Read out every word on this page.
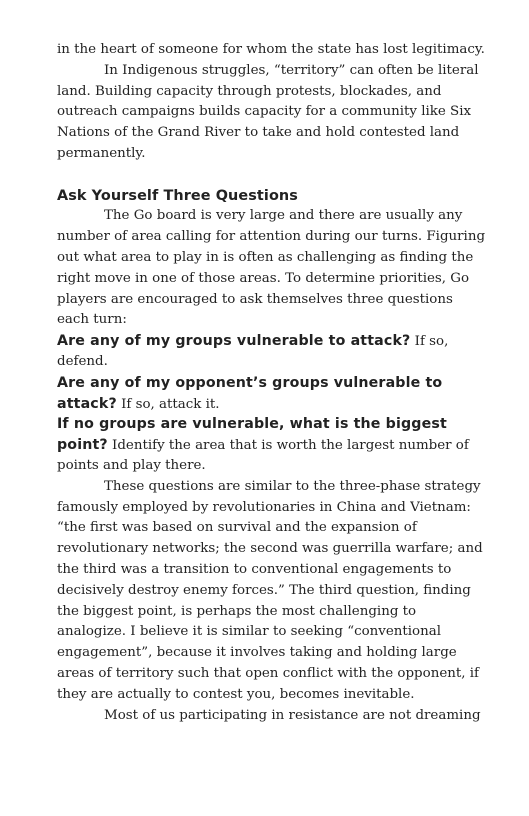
in the heart of someone for whom the state has lost legitimacy.
In Indigenous struggles, “territory” can often be literal
land. Building capacity through protests, blockades, and
outreach campaigns builds capacity for a community like Six
Nations of the Grand River to take and hold contested land
permanently.
Ask Yourself Three Questions
The Go board is very large and there are usually any
number of area calling for attention during our turns. Figuring
out what area to play in is often as challenging as finding the
right move in one of those areas. To determine priorities, Go
players are encouraged to ask themselves three questions
each turn:
Are any of my groups vulnerable to attack? If so,
defend.
Are any of my opponent’s groups vulnerable to
attack? If so, attack it.
If no groups are vulnerable, what is the biggest
point? Identify the area that is worth the largest number of
points and play there.
These questions are similar to the three-phase strategy
famously employed by revolutionaries in China and Vietnam:
“the first was based on survival and the expansion of
revolutionary networks; the second was guerrilla warfare; and
the third was a transition to conventional engagements to
decisively destroy enemy forces.” The third question, finding
the biggest point, is perhaps the most challenging to
analogize. I believe it is similar to seeking “conventional
engagement”, because it involves taking and holding large
areas of territory such that open conflict with the opponent, if
they are actually to contest you, becomes inevitable.
Most of us participating in resistance are not dreaming
